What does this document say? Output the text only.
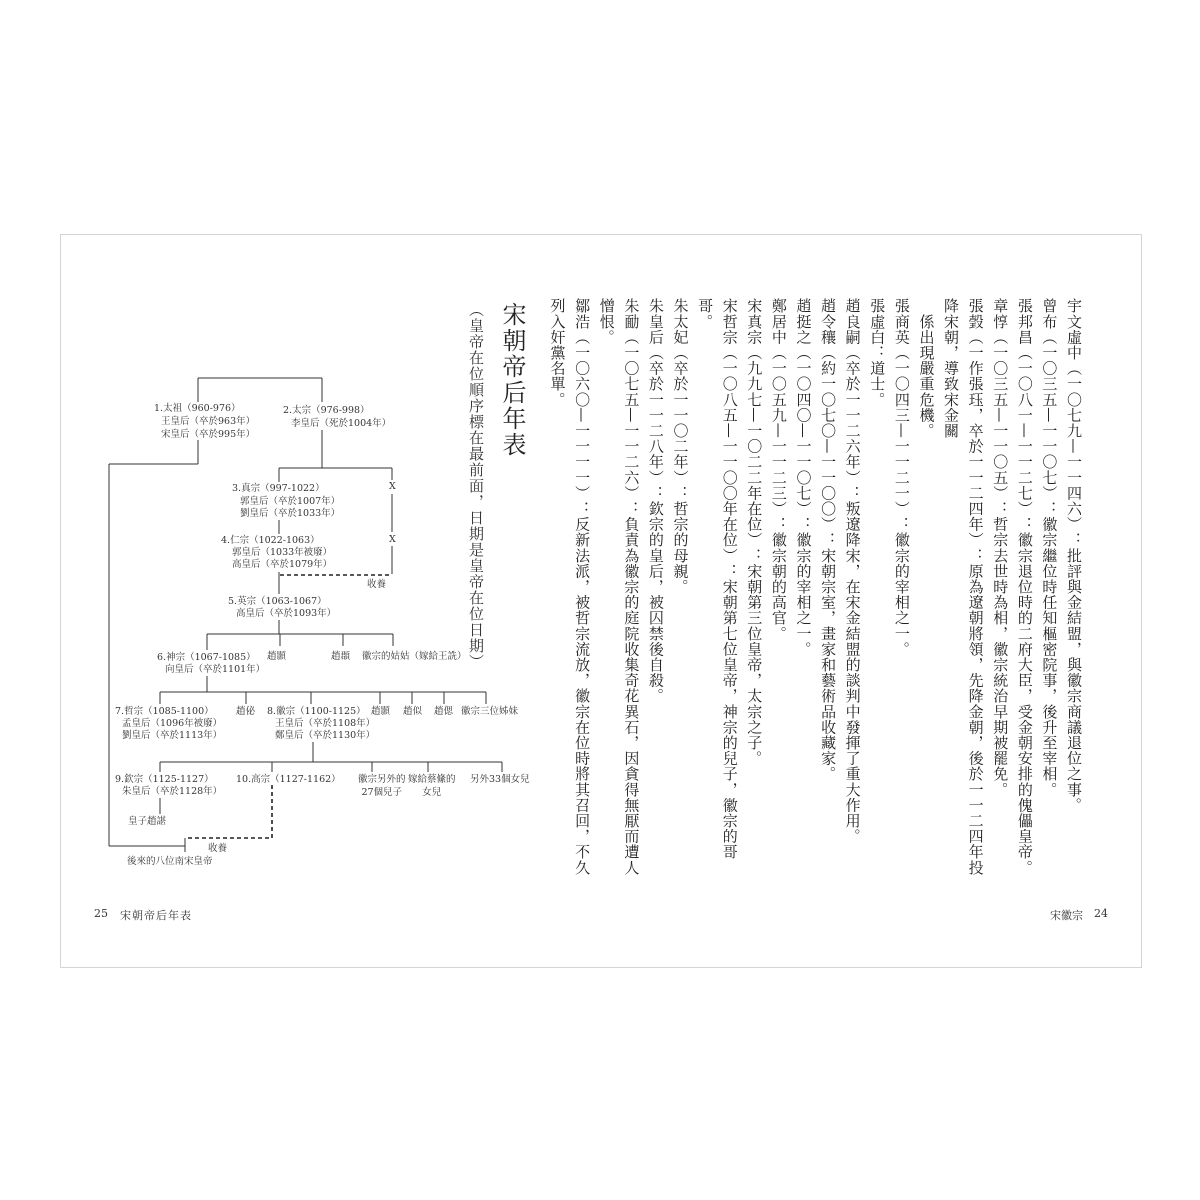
1.太祖（960-976）
王皇后（卒於963年）
宋皇后（卒於995年）
2.太宗（976-998）
李皇后（死於1004年）
3.真宗（997-1022）
郭皇后（卒於1007年）
劉皇后（卒於1033年）
X
4.仁宗（1022-1063）
郭皇后（1033年被廢）
高皇后（卒於1079年）
X
收養
5.英宗（1063-1067）
高皇后（卒於1093年）
6.神宗（1067-1085）
向皇后（卒於1101年）
趙顥	趙頵 徽宗的姑姑（嫁給王詵）
7.哲宗（1085-1100）
孟皇后（1096年被廢）
劉皇后（卒於1113年）
趙佖 8.徽宗（1100-1125）
王皇后（卒於1108年）
鄭皇后（卒於1130年）
趙顥 趙似 趙偲 徽宗三位姊妹
9.欽宗（1125-1127）
朱皇后（卒於1128年）
10.高宗（1127-1162） 徽宗另外的
27個兒子
嫁給蔡絛的
女兒
另外33個女兒
皇子趙諶
收養
後來的八位南宋皇帝
宋朝帝后年表
（皇帝在位順序標在最前面，日期是皇帝在位日期）
25 宋朝帝后年表
宇文虛中（一〇七九—一一四六）：批評與金結盟，與徽宗商議退位之事。
曾布（一〇三五—一一〇七）：徽宗繼位時任知樞密院事，後升至宰相。
張邦昌（一〇八一—一一二七）：徽宗退位時的二府大臣，受金朝安排的傀儡皇帝。
章惇（一〇三五—一一〇五）：哲宗去世時為相，徽宗統治早期被罷免。
張瑴（一作張珏，卒於一一二四年）：原為遼朝將領，先降金朝，後於一一二四年投降宋朝，導致宋金關
　係出現嚴重危機。
張商英（一〇四三—一一二一）：徽宗的宰相之一。
張虛白：道士。
趙良嗣（卒於一一二六年）：叛遼降宋，在宋金結盟的談判中發揮了重大作用。
趙令穰（約一〇七〇—一一〇〇）：宋朝宗室，畫家和藝術品收藏家。
趙挺之（一〇四〇—一一〇七）：徽宗的宰相之一。
鄭居中（一〇五九—一一二三）：徽宗朝的高官。
宋真宗（九九七—一〇二二年在位）：宋朝第三位皇帝，太宗之子。
宋哲宗（一〇八五—一一〇〇年在位）：宋朝第七位皇帝，神宗的兒子，徽宗的哥哥。
朱太妃（卒於一一〇二年）：哲宗的母親。
朱皇后（卒於一一二八年）：欽宗的皇后，被囚禁後自殺。
朱勔（一〇七五—一一二六）：負責為徽宗的庭院收集奇花異石，因貪得無厭而遭人憎恨。
鄒浩（一〇六〇—一一一一）：反新法派，被哲宗流放，徽宗在位時將其召回，不久列入奸黨名單。
宋徽宗 24
